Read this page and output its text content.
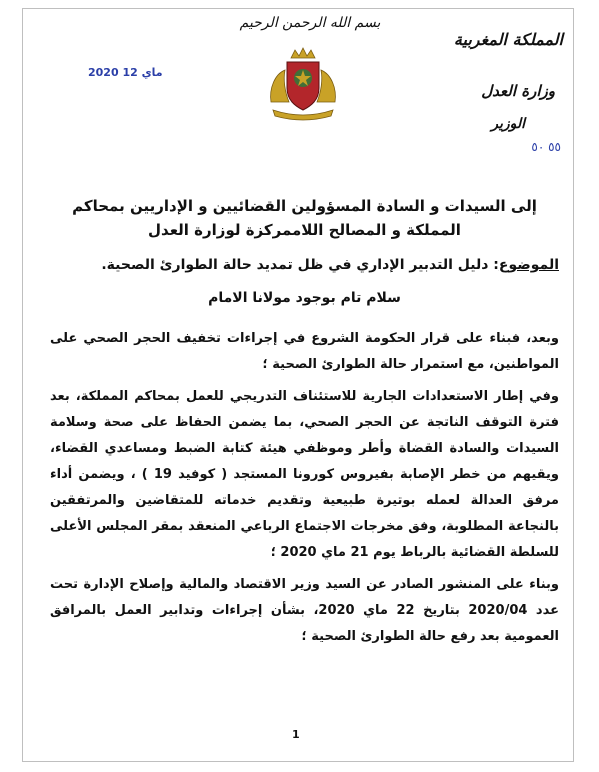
2020 ماي 12
بسم الله الرحمن الرحيم
المملكة المغربية
وزارة العدل
الوزير
٥٥ ٥٠

إلى السيدات و السادة المسؤولين القضائيين و الإداريين بمحاكم المملكة و المصالح اللاممركزة لوزارة العدل

الموضوع: دليل التدبير الإداري في ظل تمديد حالة الطوارئ الصحية.

سلام تام بوجود مولانا الامام

وبعد، فبناء على قرار الحكومة الشروع في إجراءات تخفيف الحجر الصحي على المواطنين، مع استمرار حالة الطوارئ الصحية ؛

وفي إطار الاستعدادات الجارية للاستئناف التدريجي للعمل بمحاكم المملكة، بعد فترة التوقف الناتجة عن الحجر الصحي، بما يضمن الحفاظ على صحة وسلامة السيدات والسادة القضاة وأطر وموظفي هيئة كتابة الضبط ومساعدي القضاء، ويقيهم من خطر الإصابة بفيروس كورونا المستجد ( كوفيد 19 ) ، ويضمن أداء مرفق العدالة لعمله بوتيرة طبيعية وتقديم خدماته للمتقاضين والمرتفقين بالنجاعة المطلوبة، وفق مخرجات الاجتماع الرباعي المنعقد بمقر المجلس الأعلى للسلطة القضائية بالرباط يوم 21 ماي 2020 ؛

وبناء على المنشور الصادر عن السيد وزير الاقتصاد والمالية وإصلاح الإدارة تحت عدد 2020/04 بتاريخ 22 ماي 2020، بشأن إجراءات وتدابير العمل بالمرافق العمومية بعد رفع حالة الطوارئ الصحية ؛

1
